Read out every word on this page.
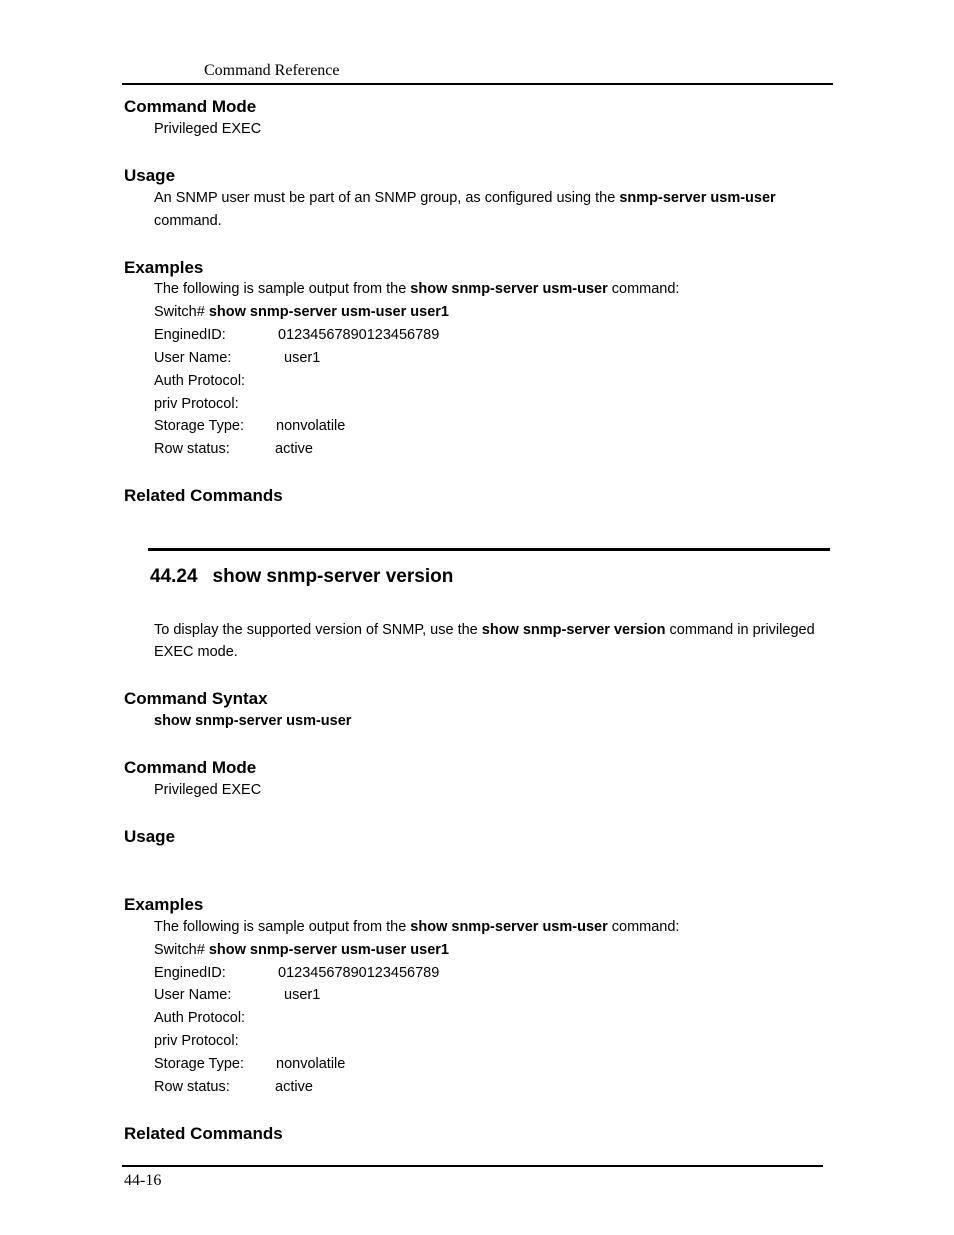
Command Reference
Command Mode
Privileged EXEC
Usage
An SNMP user must be part of an SNMP group, as configured using the snmp-server usm-user
command.
Examples
The following is sample output from the show snmp-server usm-user command:
Switch# show snmp-server usm-user user1
EnginedID:	01234567890123456789
User Name:	user1
Auth Protocol:
priv Protocol:
Storage Type: nonvolatile
Row status:	active
Related Commands
44.24 show snmp-server version
To display the supported version of SNMP, use the show snmp-server version command in privileged
EXEC mode.
Command Syntax
show snmp-server usm-user
Command Mode
Privileged EXEC
Usage
Examples
The following is sample output from the show snmp-server usm-user command:
Switch# show snmp-server usm-user user1
EnginedID:	01234567890123456789
User Name:	user1
Auth Protocol:
priv Protocol:
Storage Type: nonvolatile
Row status:	active
Related Commands
44-16
